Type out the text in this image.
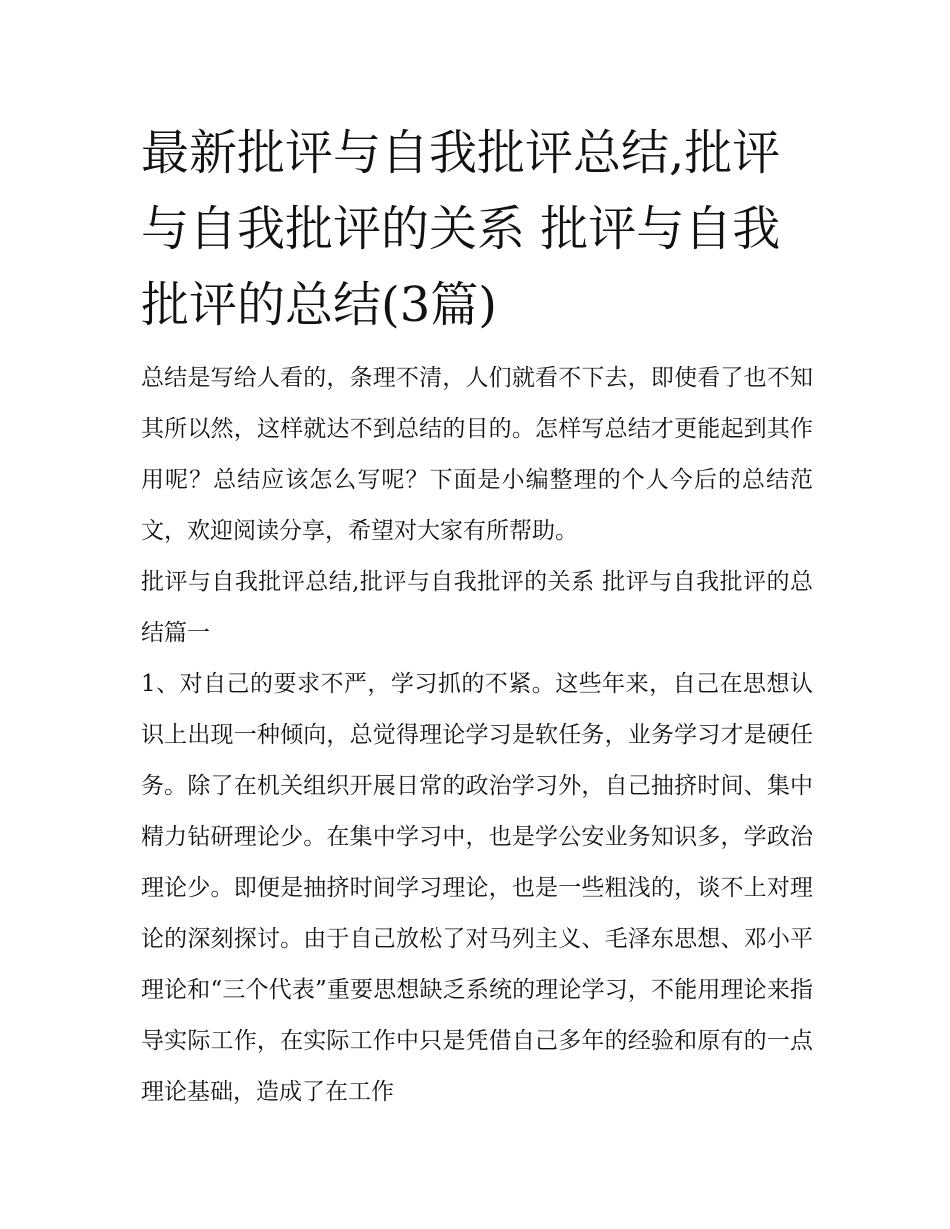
最新批评与自我批评总结,批评与自我批评的关系 批评与自我批评的总结(3篇)

总结是写给人看的，条理不清，人们就看不下去，即使看了也不知其所以然，这样就达不到总结的目的。怎样写总结才更能起到其作用呢？总结应该怎么写呢？下面是小编整理的个人今后的总结范文，欢迎阅读分享，希望对大家有所帮助。

批评与自我批评总结,批评与自我批评的关系 批评与自我批评的总结篇一

1、对自己的要求不严，学习抓的不紧。这些年来，自己在思想认识上出现一种倾向，总觉得理论学习是软任务，业务学习才是硬任务。除了在机关组织开展日常的政治学习外，自己抽挤时间、集中精力钻研理论少。在集中学习中，也是学公安业务知识多，学政治理论少。即便是抽挤时间学习理论，也是一些粗浅的，谈不上对理论的深刻探讨。由于自己放松了对马列主义、毛泽东思想、邓小平理论和“三个代表”重要思想缺乏系统的理论学习，不能用理论来指导实际工作，在实际工作中只是凭借自己多年的经验和原有的一点理论基础，造成了在工作
